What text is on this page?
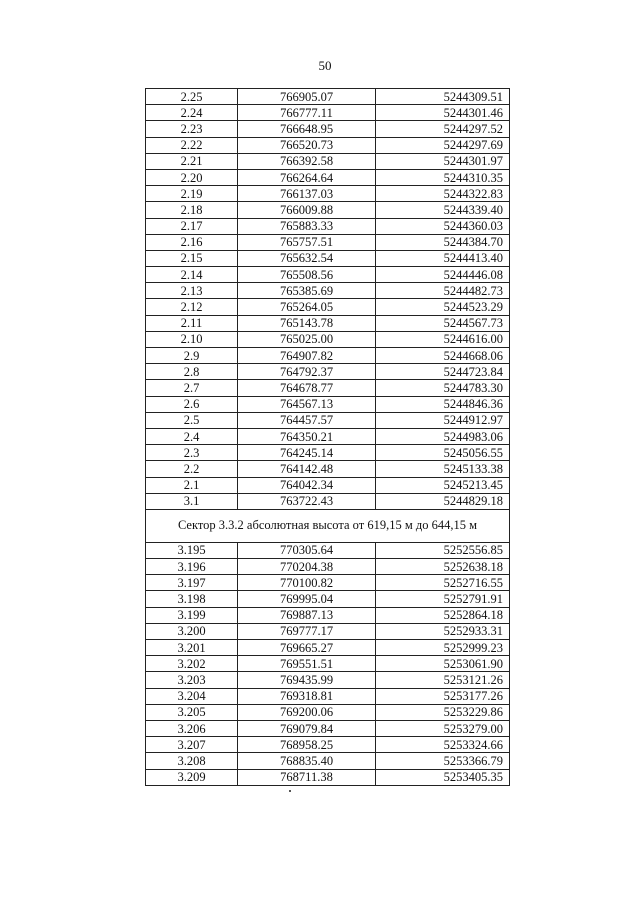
50
2.25	766905.07	5244309.51
2.24	766777.11	5244301.46
2.23	766648.95	5244297.52
2.22	766520.73	5244297.69
2.21	766392.58	5244301.97
2.20	766264.64	5244310.35
2.19	766137.03	5244322.83
2.18	766009.88	5244339.40
2.17	765883.33	5244360.03
2.16	765757.51	5244384.70
2.15	765632.54	5244413.40
2.14	765508.56	5244446.08
2.13	765385.69	5244482.73
2.12	765264.05	5244523.29
2.11	765143.78	5244567.73
2.10	765025.00	5244616.00
2.9	764907.82	5244668.06
2.8	764792.37	5244723.84
2.7	764678.77	5244783.30
2.6	764567.13	5244846.36
2.5	764457.57	5244912.97
2.4	764350.21	5244983.06
2.3	764245.14	5245056.55
2.2	764142.48	5245133.38
2.1	764042.34	5245213.45
3.1	763722.43	5244829.18
Сектор 3.3.2 абсолютная высота от 619,15 м до 644,15 м		
3.195	770305.64	5252556.85
3.196	770204.38	5252638.18
3.197	770100.82	5252716.55
3.198	769995.04	5252791.91
3.199	769887.13	5252864.18
3.200	769777.17	5252933.31
3.201	769665.27	5252999.23
3.202	769551.51	5253061.90
3.203	769435.99	5253121.26
3.204	769318.81	5253177.26
3.205	769200.06	5253229.86
3.206	769079.84	5253279.00
3.207	768958.25	5253324.66
3.208	768835.40	5253366.79
3.209	768711.38	5253405.35
